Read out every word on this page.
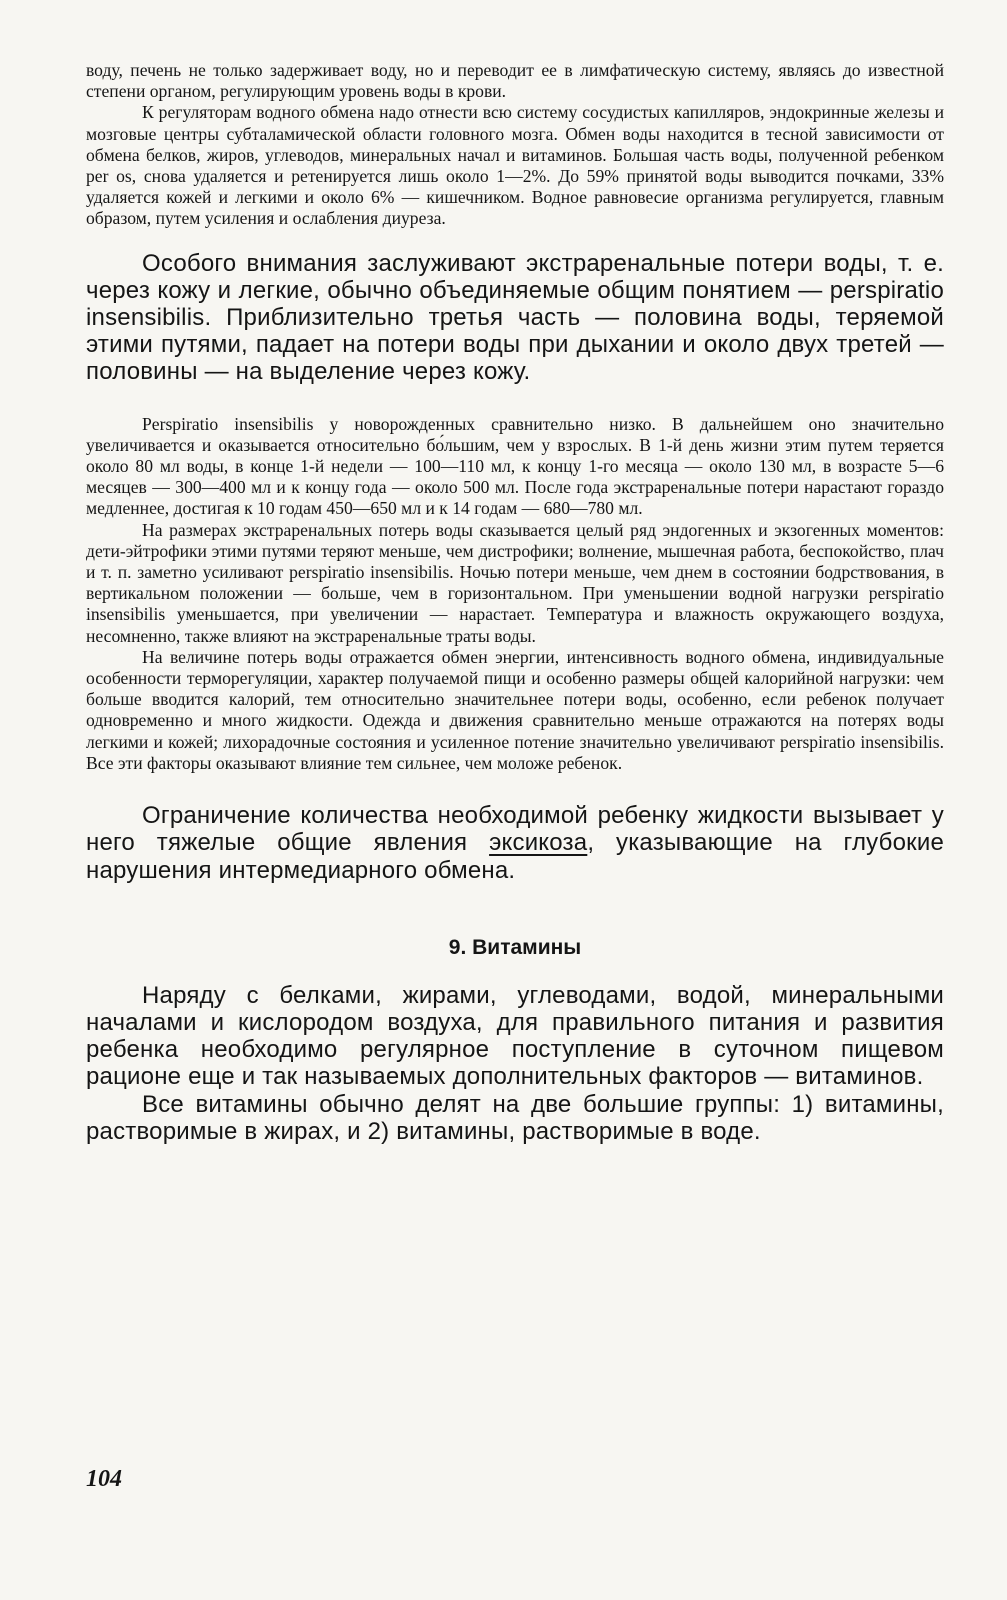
воду, печень не только задерживает воду, но и переводит ее в лимфатическую систему, являясь до известной степени органом, регулирующим уровень воды в крови.

К регуляторам водного обмена надо отнести всю систему сосудистых капилляров, эндокринные железы и мозговые центры субталамической области головного мозга. Обмен воды находится в тесной зависимости от обмена белков, жиров, углеводов, минеральных начал и витаминов. Большая часть воды, полученной ребенком per os, снова удаляется и ретенируется лишь около 1—2%. До 59% принятой воды выводится почками, 33% удаляется кожей и легкими и около 6% — кишечником. Водное равновесие организма регулируется, главным образом, путем усиления и ослабления диуреза.

Особого внимания заслуживают экстраренальные потери воды, т. е. через кожу и легкие, обычно объединяемые общим понятием — perspiratio insensibilis. Приблизительно третья часть — половина воды, теряемой этими путями, падает на потери воды при дыхании и около двух третей — половины — на выделение через кожу.

Perspiratio insensibilis у новорожденных сравнительно низко. В дальнейшем оно значительно увеличивается и оказывается относительно бо́льшим, чем у взрослых. В 1-й день жизни этим путем теряется около 80 мл воды, в конце 1-й недели — 100—110 мл, к концу 1-го месяца — около 130 мл, в возрасте 5—6 месяцев — 300—400 мл и к концу года — около 500 мл. После года экстраренальные потери нарастают гораздо медленнее, достигая к 10 годам 450—650 мл и к 14 годам — 680—780 мл.

На размерах экстраренальных потерь воды сказывается целый ряд эндогенных и экзогенных моментов: дети-эйтрофики этими путями теряют меньше, чем дистрофики; волнение, мышечная работа, беспокойство, плач и т. п. заметно усиливают perspiratio insensibilis. Ночью потери меньше, чем днем в состоянии бодрствования, в вертикальном положении — больше, чем в горизонтальном. При уменьшении водной нагрузки perspiratio insensibilis уменьшается, при увеличении — нарастает. Температура и влажность окружающего воздуха, несомненно, также влияют на экстраренальные траты воды.

На величине потерь воды отражается обмен энергии, интенсивность водного обмена, индивидуальные особенности терморегуляции, характер получаемой пищи и особенно размеры общей калорийной нагрузки: чем больше вводится калорий, тем относительно значительнее потери воды, особенно, если ребенок получает одновременно и много жидкости. Одежда и движения сравнительно меньше отражаются на потерях воды легкими и кожей; лихорадочные состояния и усиленное потение значительно увеличивают perspiratio insensibilis. Все эти факторы оказывают влияние тем сильнее, чем моложе ребенок.

Ограничение количества необходимой ребенку жидкости вызывает у него тяжелые общие явления эксикоза, указывающие на глубокие нарушения интермедиарного обмена.

9. Витамины

Наряду с белками, жирами, углеводами, водой, минеральными началами и кислородом воздуха, для правильного питания и развития ребенка необходимо регулярное поступление в суточном пищевом рационе еще и так называемых дополнительных факторов — витаминов.

Все витамины обычно делят на две большие группы: 1) витамины, растворимые в жирах, и 2) витамины, растворимые в воде.

104
